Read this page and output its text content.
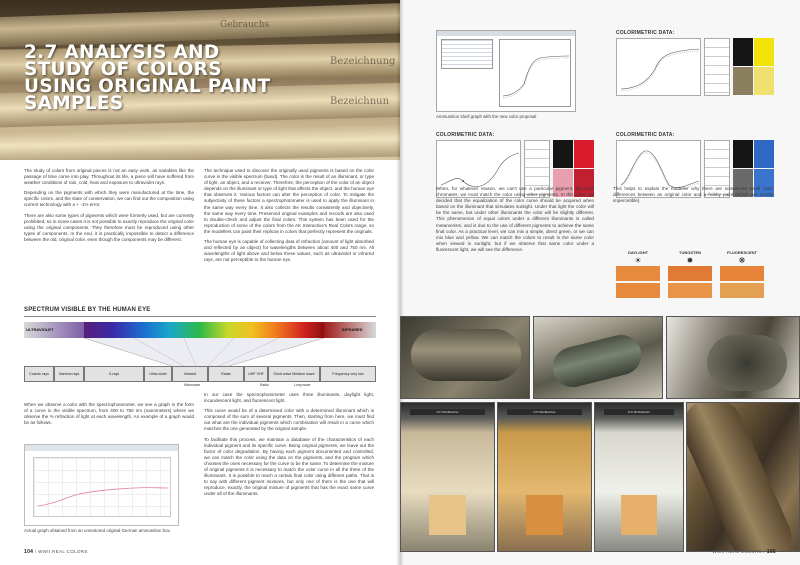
Gebrauchs
Bezeichnung
Bezeichnun
2.7 ANALYSIS AND
STUDY OF COLORS
USING ORIGINAL PAINT
SAMPLES

The study of colors from original pieces is not an easy work, as variables like the passage of time come into play. Throughout its life, a piece will have suffered from weather conditions of rain, cold, heat and exposure to ultraviolet rays.

Depending on the pigments with which they were manufactured at the time, the specific colors, and the state of conservation, we can find out the composition using current technology with a + -1% error.

There are also some types of pigments which were formerly used, but are currently prohibited, so in some cases it is not possible to exactly reproduce the original color using the original components. They therefore must be reproduced using other types of components. In the end, it is practically impossible to detect a difference between the old, original color, even though the components may be different.

The technique used to discover the originally used pigments is based on the color curve in the visible spectrum (band). The color is the result of an illuminant, or type of light, an object, and a receiver. Therefore, the perception of the color of an object depends on the illuminant or type of light that affects the object, and the human eye that observes it. Various factors can alter the perception of color. To mitigate the subjectivity of these factors a spectrophotometer is used to apply the illuminant in the same way every time. It also collects the results consistently and objectively, the same way every time. Preserved original examples and records are also used to double-check and adjust the final colors. This system has been used for the reproduction of some of the colors from the AK Interactive's Real Colors range, so the modellers can paint their replicas in colors that perfectly represent the originals.

The human eye is capable of collecting data of refraction (amount of light absorbed and reflected by an object) for wavelengths between about 400 and 750 nm. All wavelengths of light above and below these values, such as ultraviolet or infrared rays, are not perceptible to the human eye.

SPECTRUM VISIBLE BY THE HUMAN EYE
ULTRAVIOLET	INFRARED
Cosmic rays	Gamma rays	X-rays	Ultra-violet	Infrared	Radar	UHF VHF	Short wave Medium wave	Frequency very low
Microwave	Radio	Long wave

When we observe a color with the spectrophotometer, we see a graph in the form of a curve in the visible spectrum, from 400 to 750 nm (nanometers) where we observe the % refraction of light at each wavelength. An example of a graph would be as follows:

Actual graph obtained from an unrestored original German ammunition box.

In our case the spectrophotometer uses three illuminants, daylight light, incandescent light, and fluorescent light.

This curve would be of a determined color with a determined illuminant which is composed of the sum of several pigments. Then, starting from here, we must find out what are the individual pigments which combination will result in a curve which matches the one generated by the original sample.

To facilitate this process, we maintain a database of the characteristics of each individual pigment and its specific curve. Being original pigments, we leave out the factor of color degradation. By having each pigment documented and controlled, we can match the color using the data on the pigments, and the program which chooses the ones necessary for the curve to be the same. To determine the mixture of original pigments it is necessary to match the color curve in all the three of the illuminants. It is possible to reach a certain final color using different paths. That is to say with different pigment mixtures, but only one of them is the one that will reproduce, exactly, the original mixture of pigments that has the exact same curve under all of the illuminants.

104 / WWII REAL COLORS
Ammunition shell graph with the new color proposal
COLORIMETRIC DATA:
COLORIMETRIC DATA:	COLORIMETRIC DATA:

When, for whatever reason, we can't use a particular pigment, like lead chromates, we must match the color using other pigments. In this case, we decided that the equalization of the color curve should be acquired when based on the illuminant that simulates sunlight. Under that light the color will be the same, but under other illuminants the color will be slightly different. This phenomenon of equal colors under a different illuminants is called metamerism, and is due to the use of different pigments to achieve the same final color. As a practical level, we can mix a simple, direct green, or we can mix blue and yellow. We can match the colors to result in the same color when viewed in sunlight, but if we observe that same color under a fluorescent light, we will see the difference.

This helps to explain the modeller why there are sometimes small color differences between an original color and a hobby paint (which are mostly impercetible).

DAYLIGHT
☀
TUNGSTEN
✹
FLUORESCENT
❋
GTI MiniMatcher	GTI MiniMatcher	GTI MiniMatcher
WWII REAL COLORS / 105
